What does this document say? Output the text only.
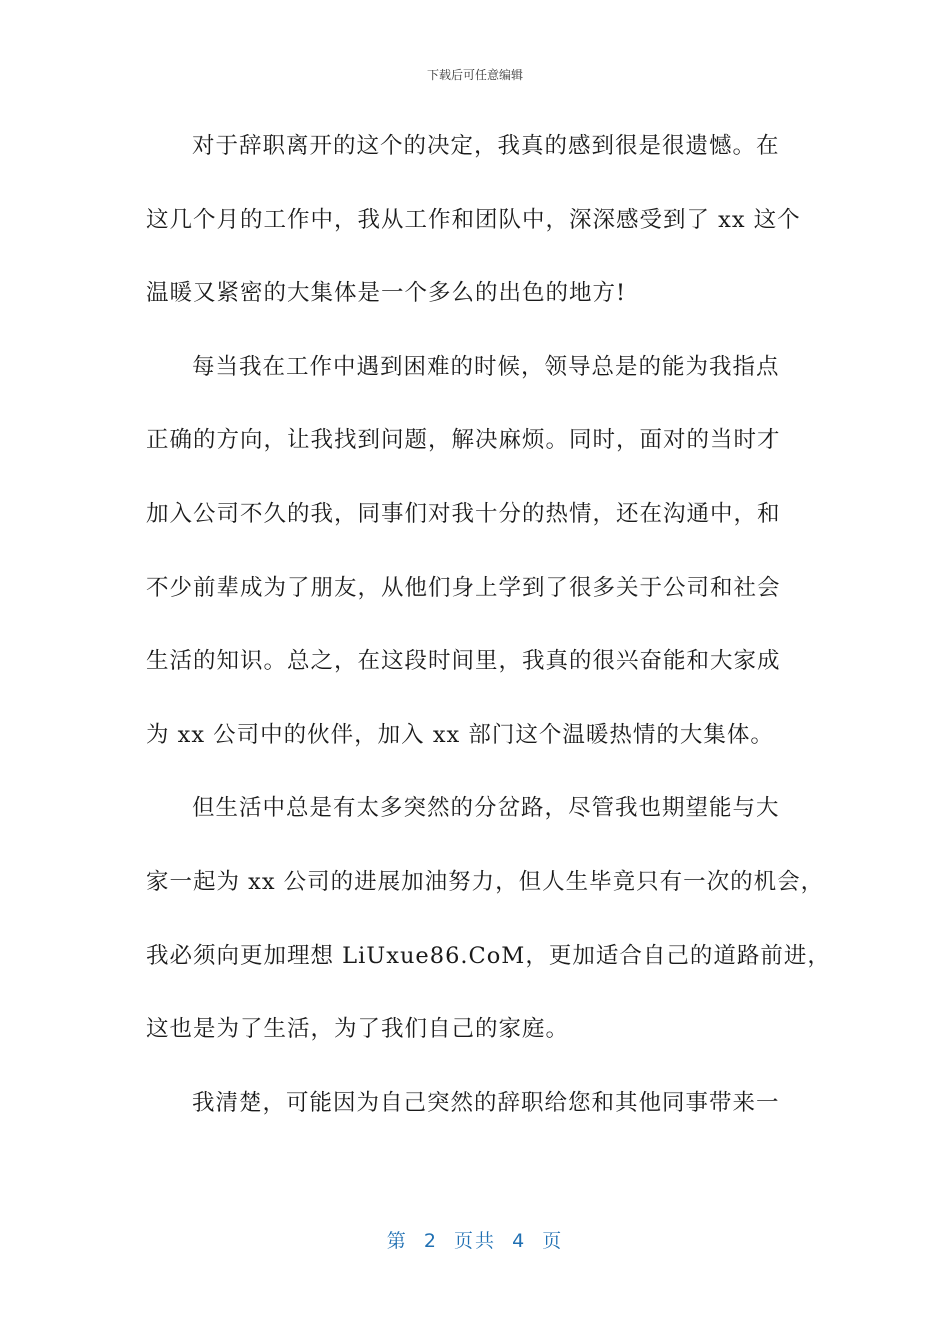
下载后可任意编辑
对于辞职离开的这个的决定，我真的感到很是很遗憾。在
这几个月的工作中，我从工作和团队中，深深感受到了 xx 这个
温暖又紧密的大集体是一个多么的出色的地方!
每当我在工作中遇到困难的时候，领导总是的能为我指点
正确的方向，让我找到问题，解决麻烦。同时，面对的当时才
加入公司不久的我，同事们对我十分的热情，还在沟通中，和
不少前辈成为了朋友，从他们身上学到了很多关于公司和社会
生活的知识。总之，在这段时间里，我真的很兴奋能和大家成
为 xx 公司中的伙伴，加入 xx 部门这个温暖热情的大集体。
但生活中总是有太多突然的分岔路，尽管我也期望能与大
家一起为 xx 公司的进展加油努力，但人生毕竟只有一次的机会，
我必须向更加理想 LiUxue86.CoM，更加适合自己的道路前进，
这也是为了生活，为了我们自己的家庭。
我清楚，可能因为自己突然的辞职给您和其他同事带来一
第  2  页共  4  页
